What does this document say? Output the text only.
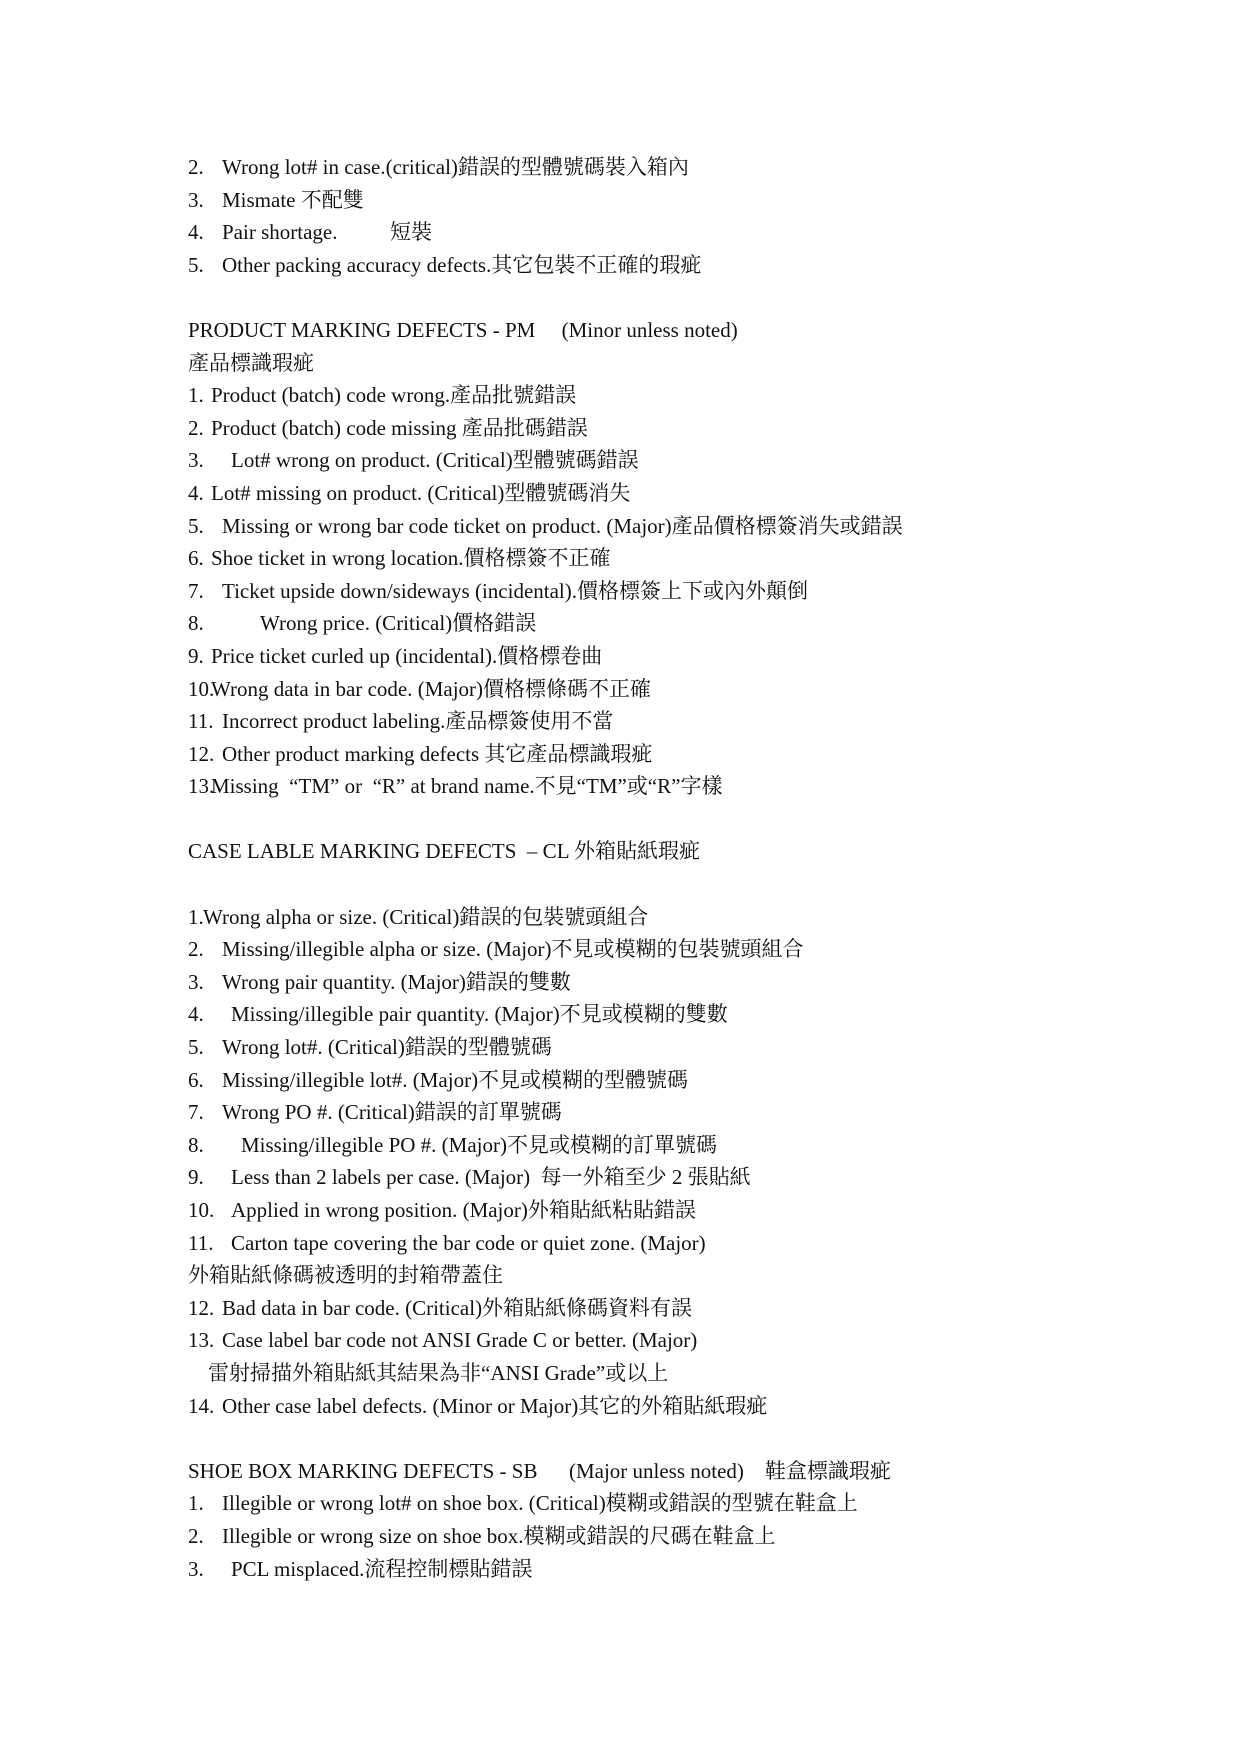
2. Wrong lot# in case.(critical)錯誤的型體號碼裝入箱內
3. Mismate 不配雙
4. Pair shortage.          短裝
5. Other packing accuracy defects.其它包裝不正確的瑕疵
PRODUCT MARKING DEFECTS - PM     (Minor unless noted)
產品標識瑕疵
1. Product (batch) code wrong.產品批號錯誤
2. Product (batch) code missing 產品批碼錯誤
3. Lot# wrong on product. (Critical)型體號碼錯誤
4. Lot# missing on product. (Critical)型體號碼消失
5. Missing or wrong bar code ticket on product. (Major)產品價格標簽消失或錯誤
6. Shoe ticket in wrong location.價格標簽不正確
7. Ticket upside down/sideways (incidental).價格標簽上下或內外顛倒
8.	Wrong price. (Critical)價格錯誤
9. Price ticket curled up (incidental).價格標卷曲
10.
Wrong data in bar code. (Major)價格標條碼不正確
11. Incorrect product labeling.產品標簽使用不當
12. Other product marking defects 其它產品標識瑕疵
13.
Missing  “TM” or  “R” at brand name.不見“TM”或“R”字樣
CASE LABLE MARKING DEFECTS  – CL 外箱貼紙瑕疵
1. Wrong alpha or size. (Critical)錯誤的包裝號頭組合
2. Missing/illegible alpha or size. (Major)不見或模糊的包裝號頭組合
3. Wrong pair quantity. (Major)錯誤的雙數
4. Missing/illegible pair quantity. (Major)不見或模糊的雙數
5. Wrong lot#. (Critical)錯誤的型體號碼
6. Missing/illegible lot#. (Major)不見或模糊的型體號碼
7. Wrong PO #. (Critical)錯誤的訂單號碼
8. Missing/illegible PO #. (Major)不見或模糊的訂單號碼
9. Less than 2 labels per case. (Major)  每一外箱至少 2 張貼紙
10. Applied in wrong position. (Major)外箱貼紙粘貼錯誤
11. Carton tape covering the bar code or quiet zone. (Major)
外箱貼紙條碼被透明的封箱帶蓋住
12. Bad data in bar code. (Critical)外箱貼紙條碼資料有誤
13. Case label bar code not ANSI Grade C or better. (Major)
雷射掃描外箱貼紙其結果為非“ANSI Grade”或以上
14. Other case label defects. (Minor or Major)其它的外箱貼紙瑕疵
SHOE BOX MARKING DEFECTS - SB      (Major unless noted)    鞋盒標識瑕疵
1. Illegible or wrong lot# on shoe box. (Critical)模糊或錯誤的型號在鞋盒上
2. Illegible or wrong size on shoe box.模糊或錯誤的尺碼在鞋盒上
3. PCL misplaced.流程控制標貼錯誤
